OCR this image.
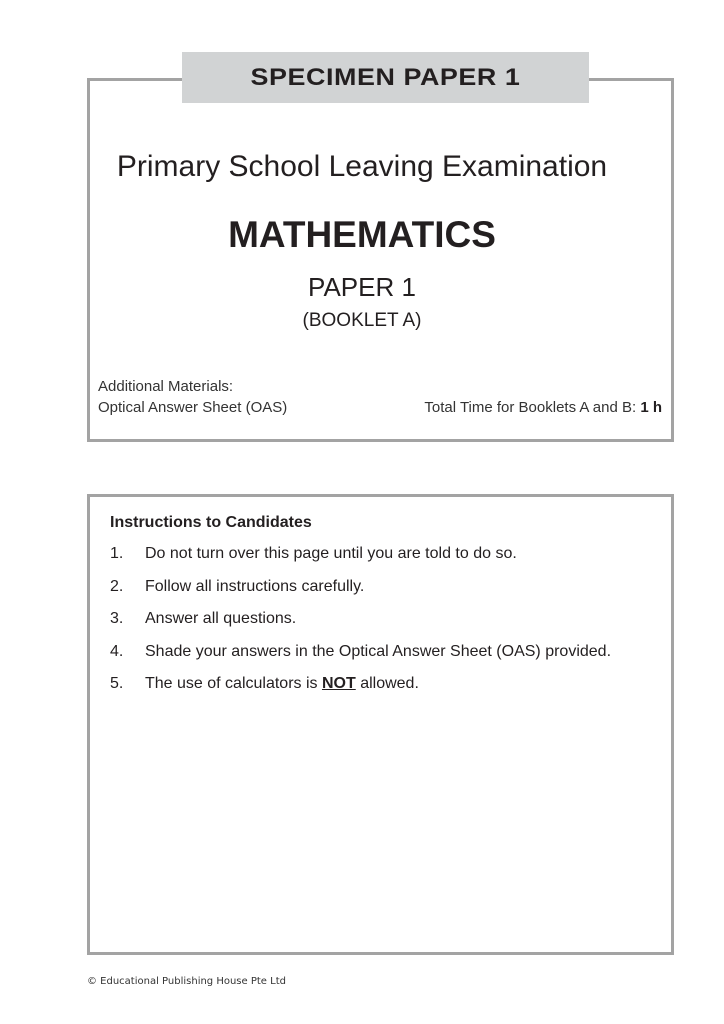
SPECIMEN PAPER 1
Primary School Leaving Examination
MATHEMATICS
PAPER 1
(BOOKLET A)
Additional Materials:
Optical Answer Sheet (OAS)	Total Time for Booklets A and B: 1 h
Instructions to Candidates
1.	Do not turn over this page until you are told to do so.
2.	Follow all instructions carefully.
3.	Answer all questions.
4.	Shade your answers in the Optical Answer Sheet (OAS) provided.
5.	The use of calculators is NOT allowed.
© Educational Publishing House Pte Ltd
